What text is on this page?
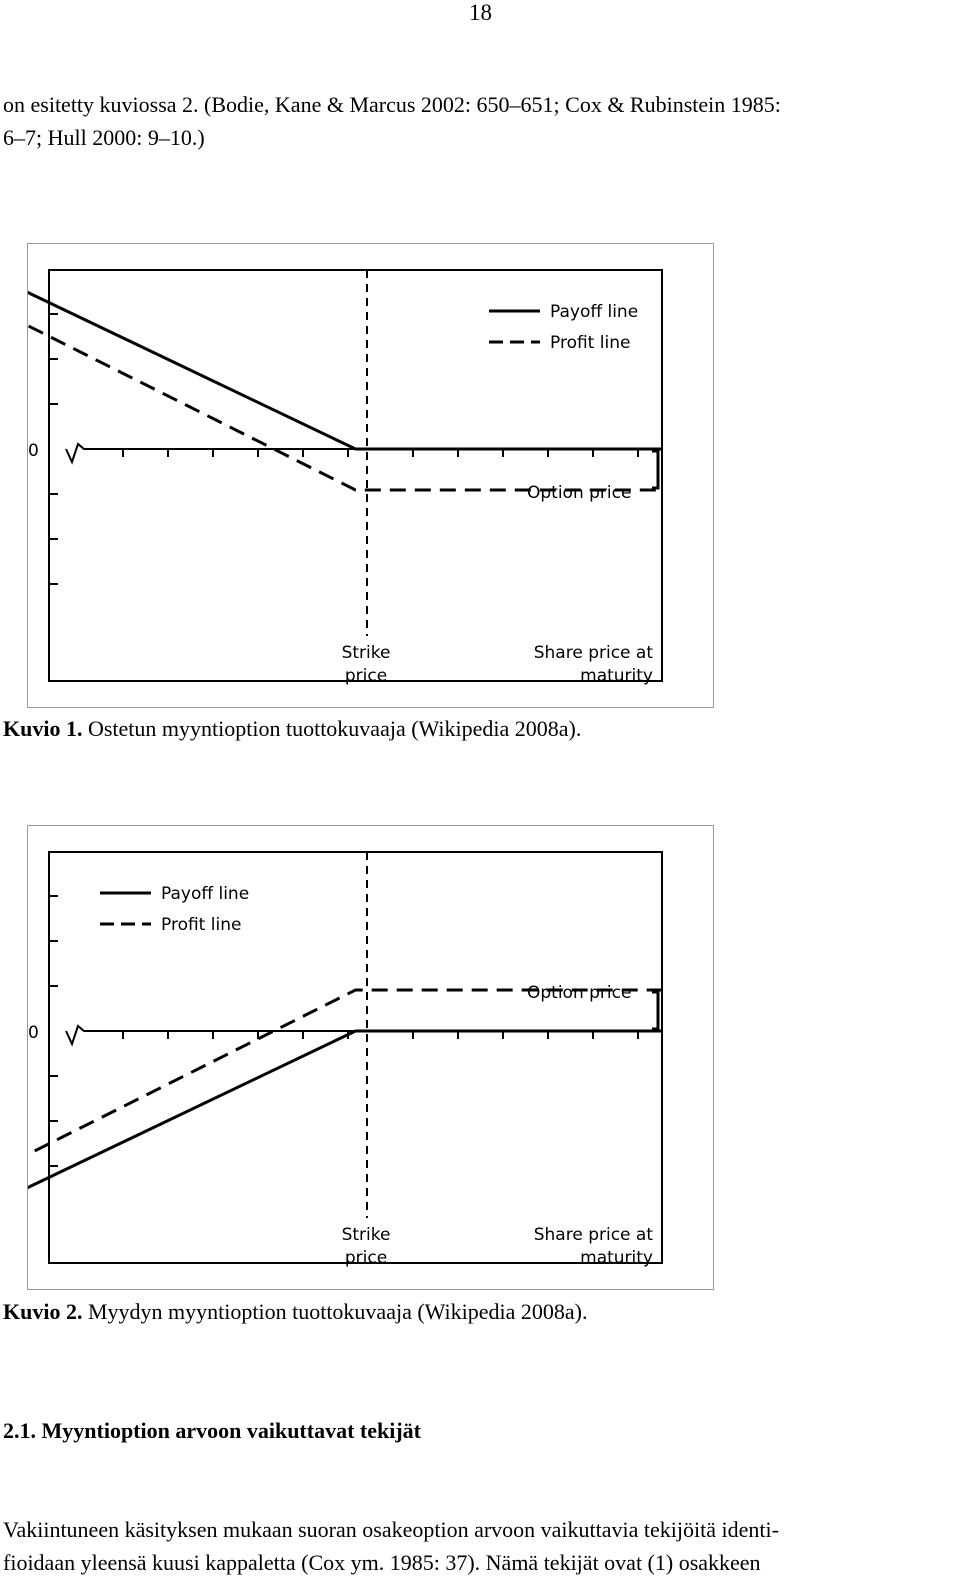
18

on esitetty kuviossa 2. (Bodie, Kane & Marcus 2002: 650–651; Cox & Rubinstein 1985:

6–7; Hull 2000: 9–10.)

0
Option price
Payoff line
Profit line
Strike
price
Share price at
maturity
Kuvio 1. Ostetun myyntioption tuottokuvaaja (Wikipedia 2008a).
0
Option price
Payoff line
Profit line
Strike
price
Share price at
maturity
Kuvio 2. Myydyn myyntioption tuottokuvaaja (Wikipedia 2008a).
2.1. Myyntioption arvoon vaikuttavat tekijät

Vakiintuneen käsityksen mukaan suoran osakeoption arvoon vaikuttavia tekijöitä identi-

fioidaan yleensä kuusi kappaletta (Cox ym. 1985: 37). Nämä tekijät ovat (1) osakkeen
